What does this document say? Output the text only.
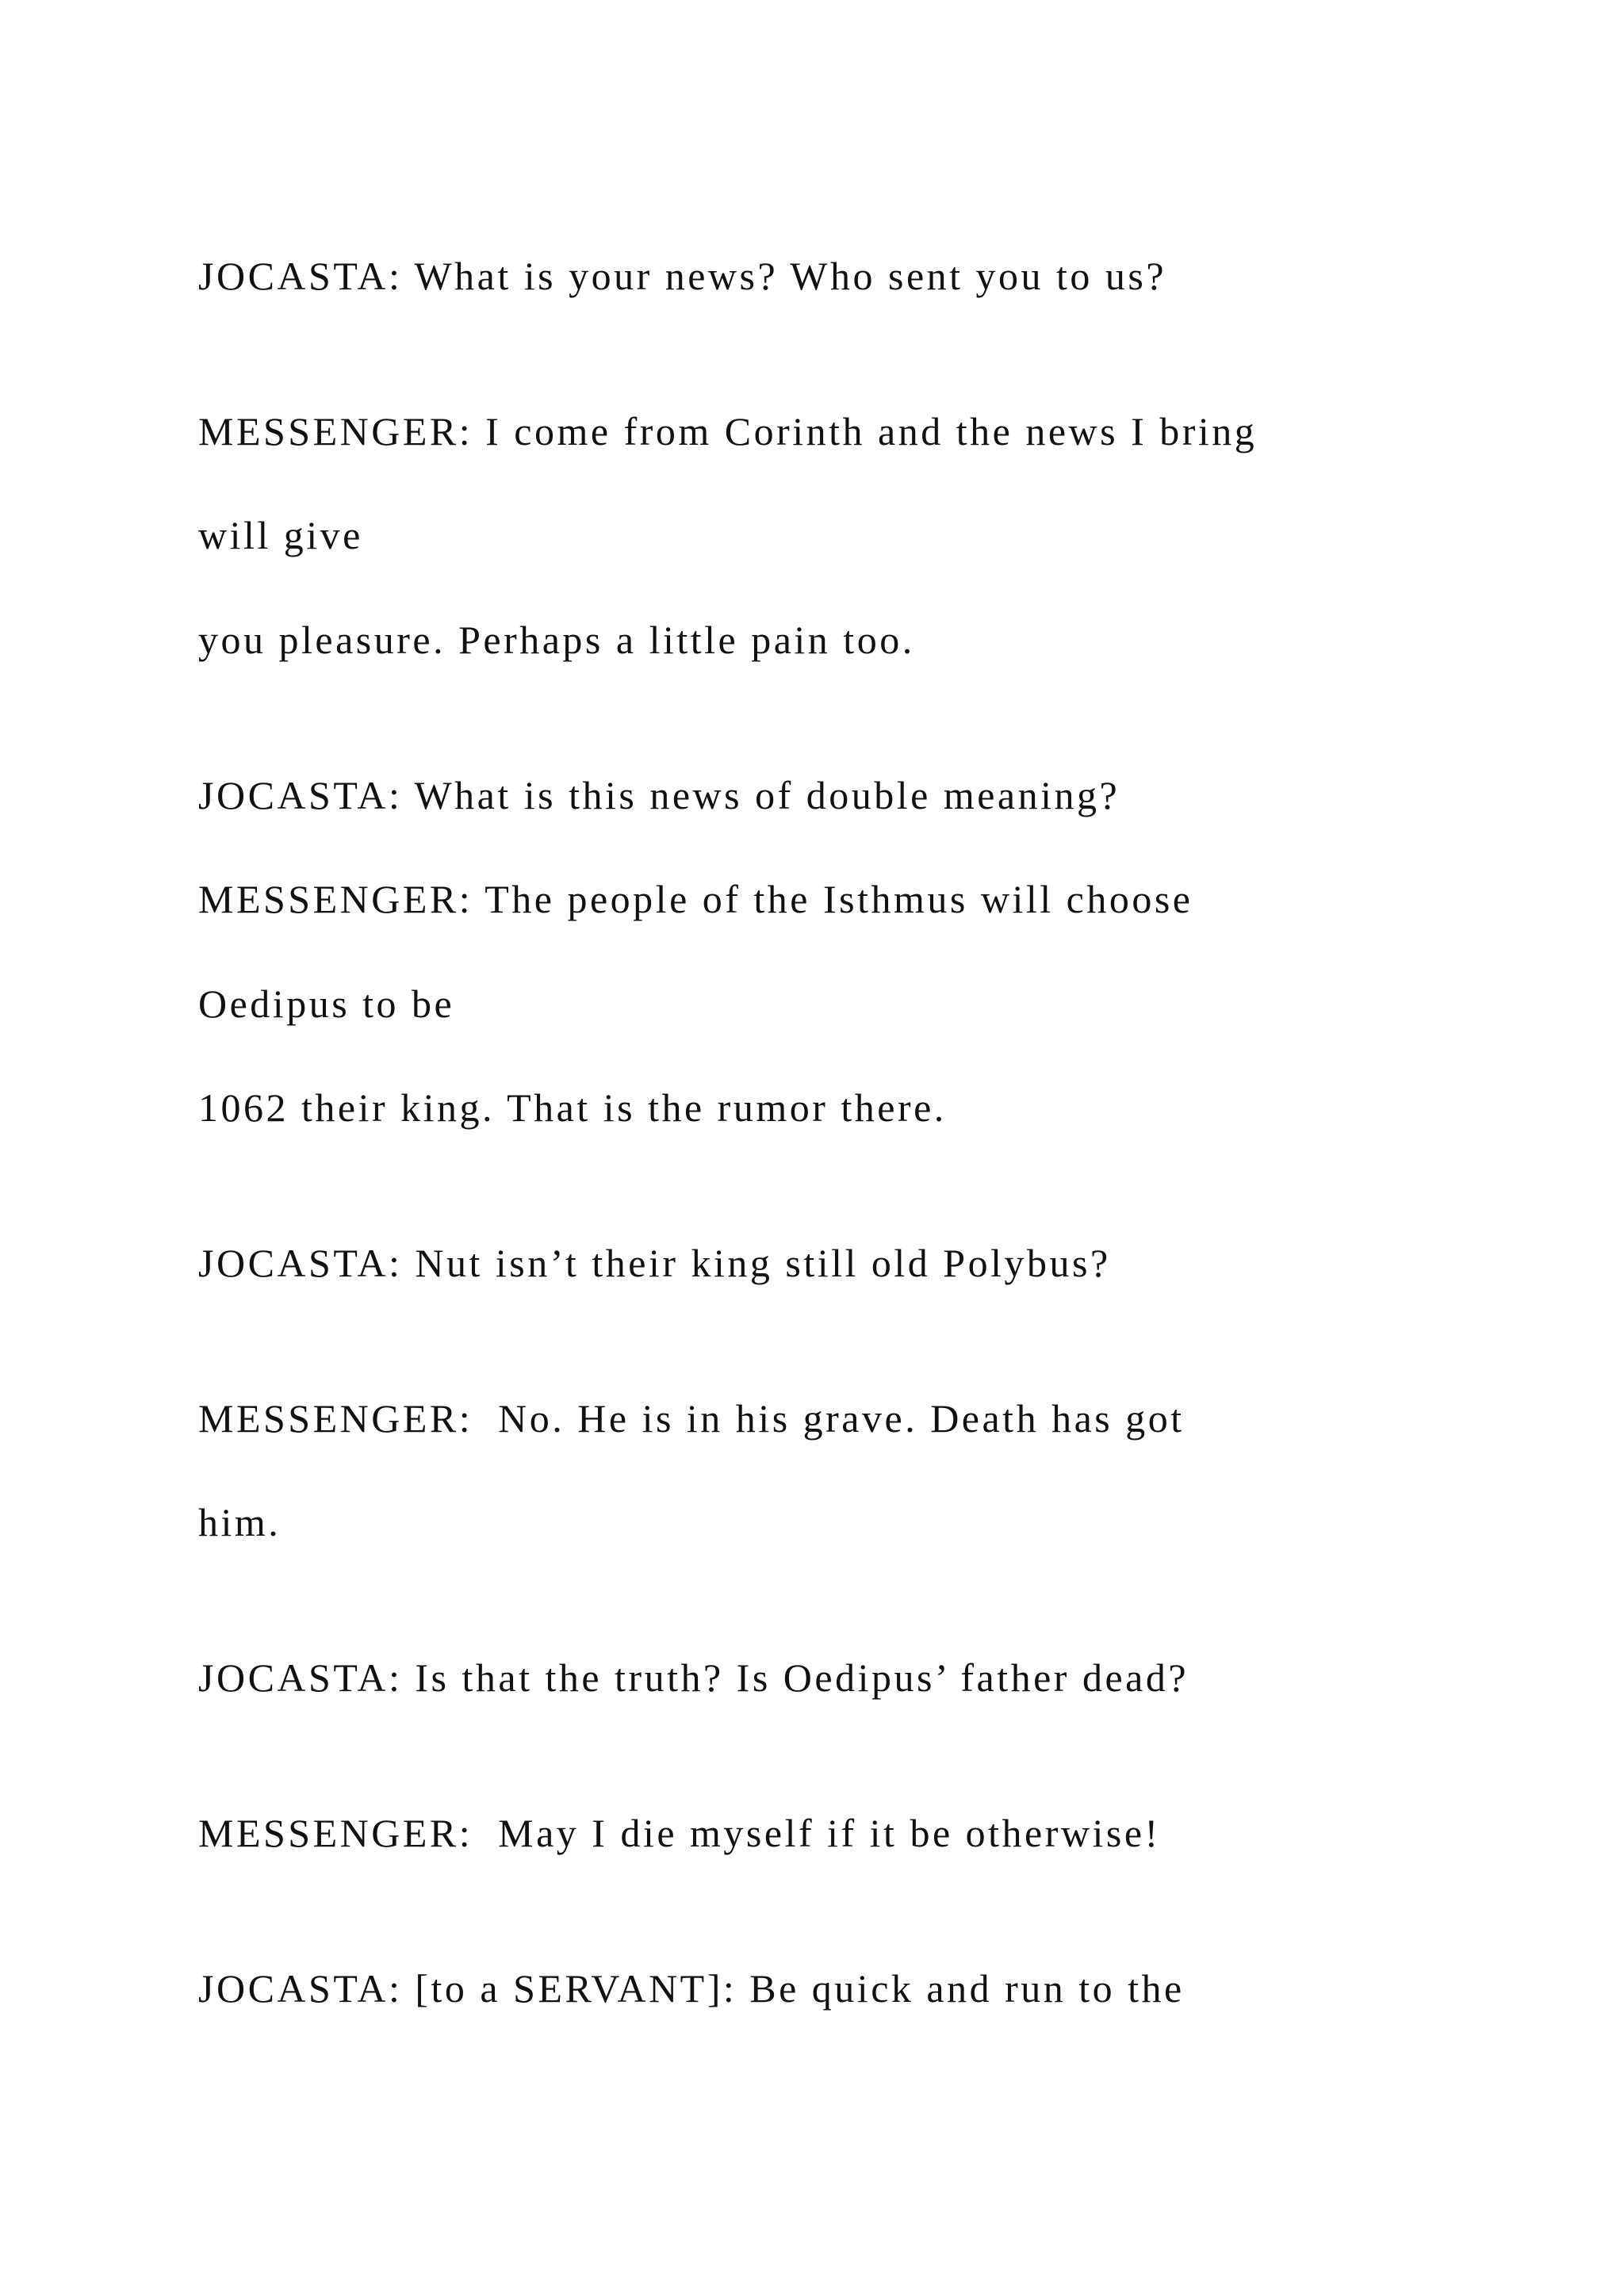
JOCASTA: What is your news? Who sent you to us?
MESSENGER: I come from Corinth and the news I bring
will give
you pleasure. Perhaps a little pain too.
JOCASTA: What is this news of double meaning?
MESSENGER: The people of the Isthmus will choose
Oedipus to be
1062 their king. That is the rumor there.
JOCASTA: Nut isn’t their king still old Polybus?
MESSENGER:  No. He is in his grave. Death has got
him.
JOCASTA: Is that the truth? Is Oedipus’ father dead?
MESSENGER:  May I die myself if it be otherwise!
JOCASTA: [to a SERVANT]: Be quick and run to the
